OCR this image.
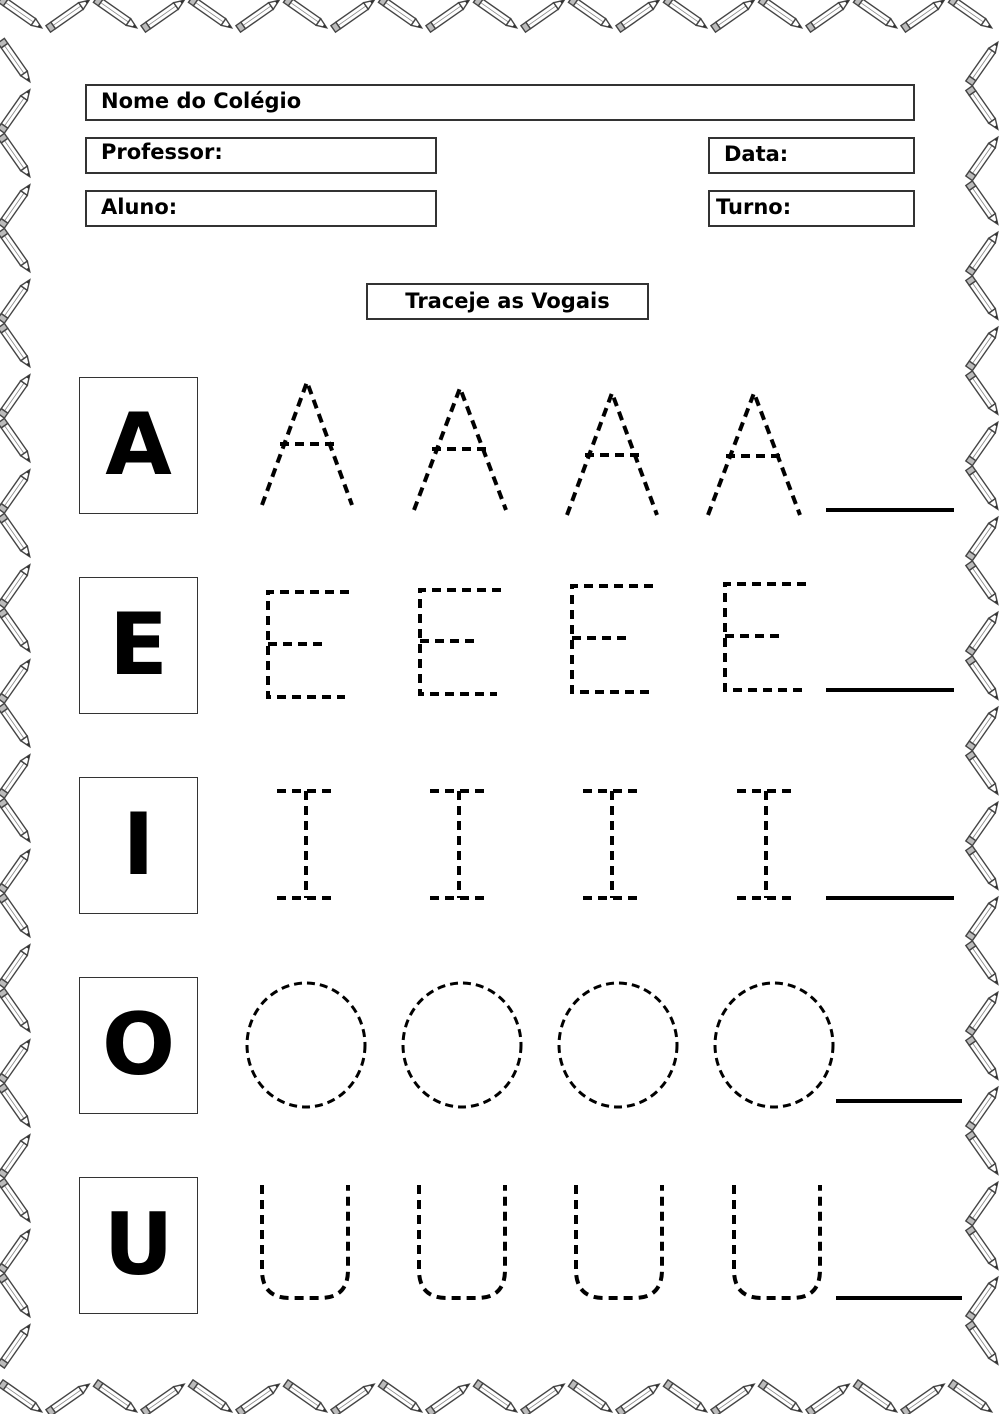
Nome do Colégio
Professor:	Data:
Aluno:	Turno:
Traceje as Vogais
A
E
I
O
U
